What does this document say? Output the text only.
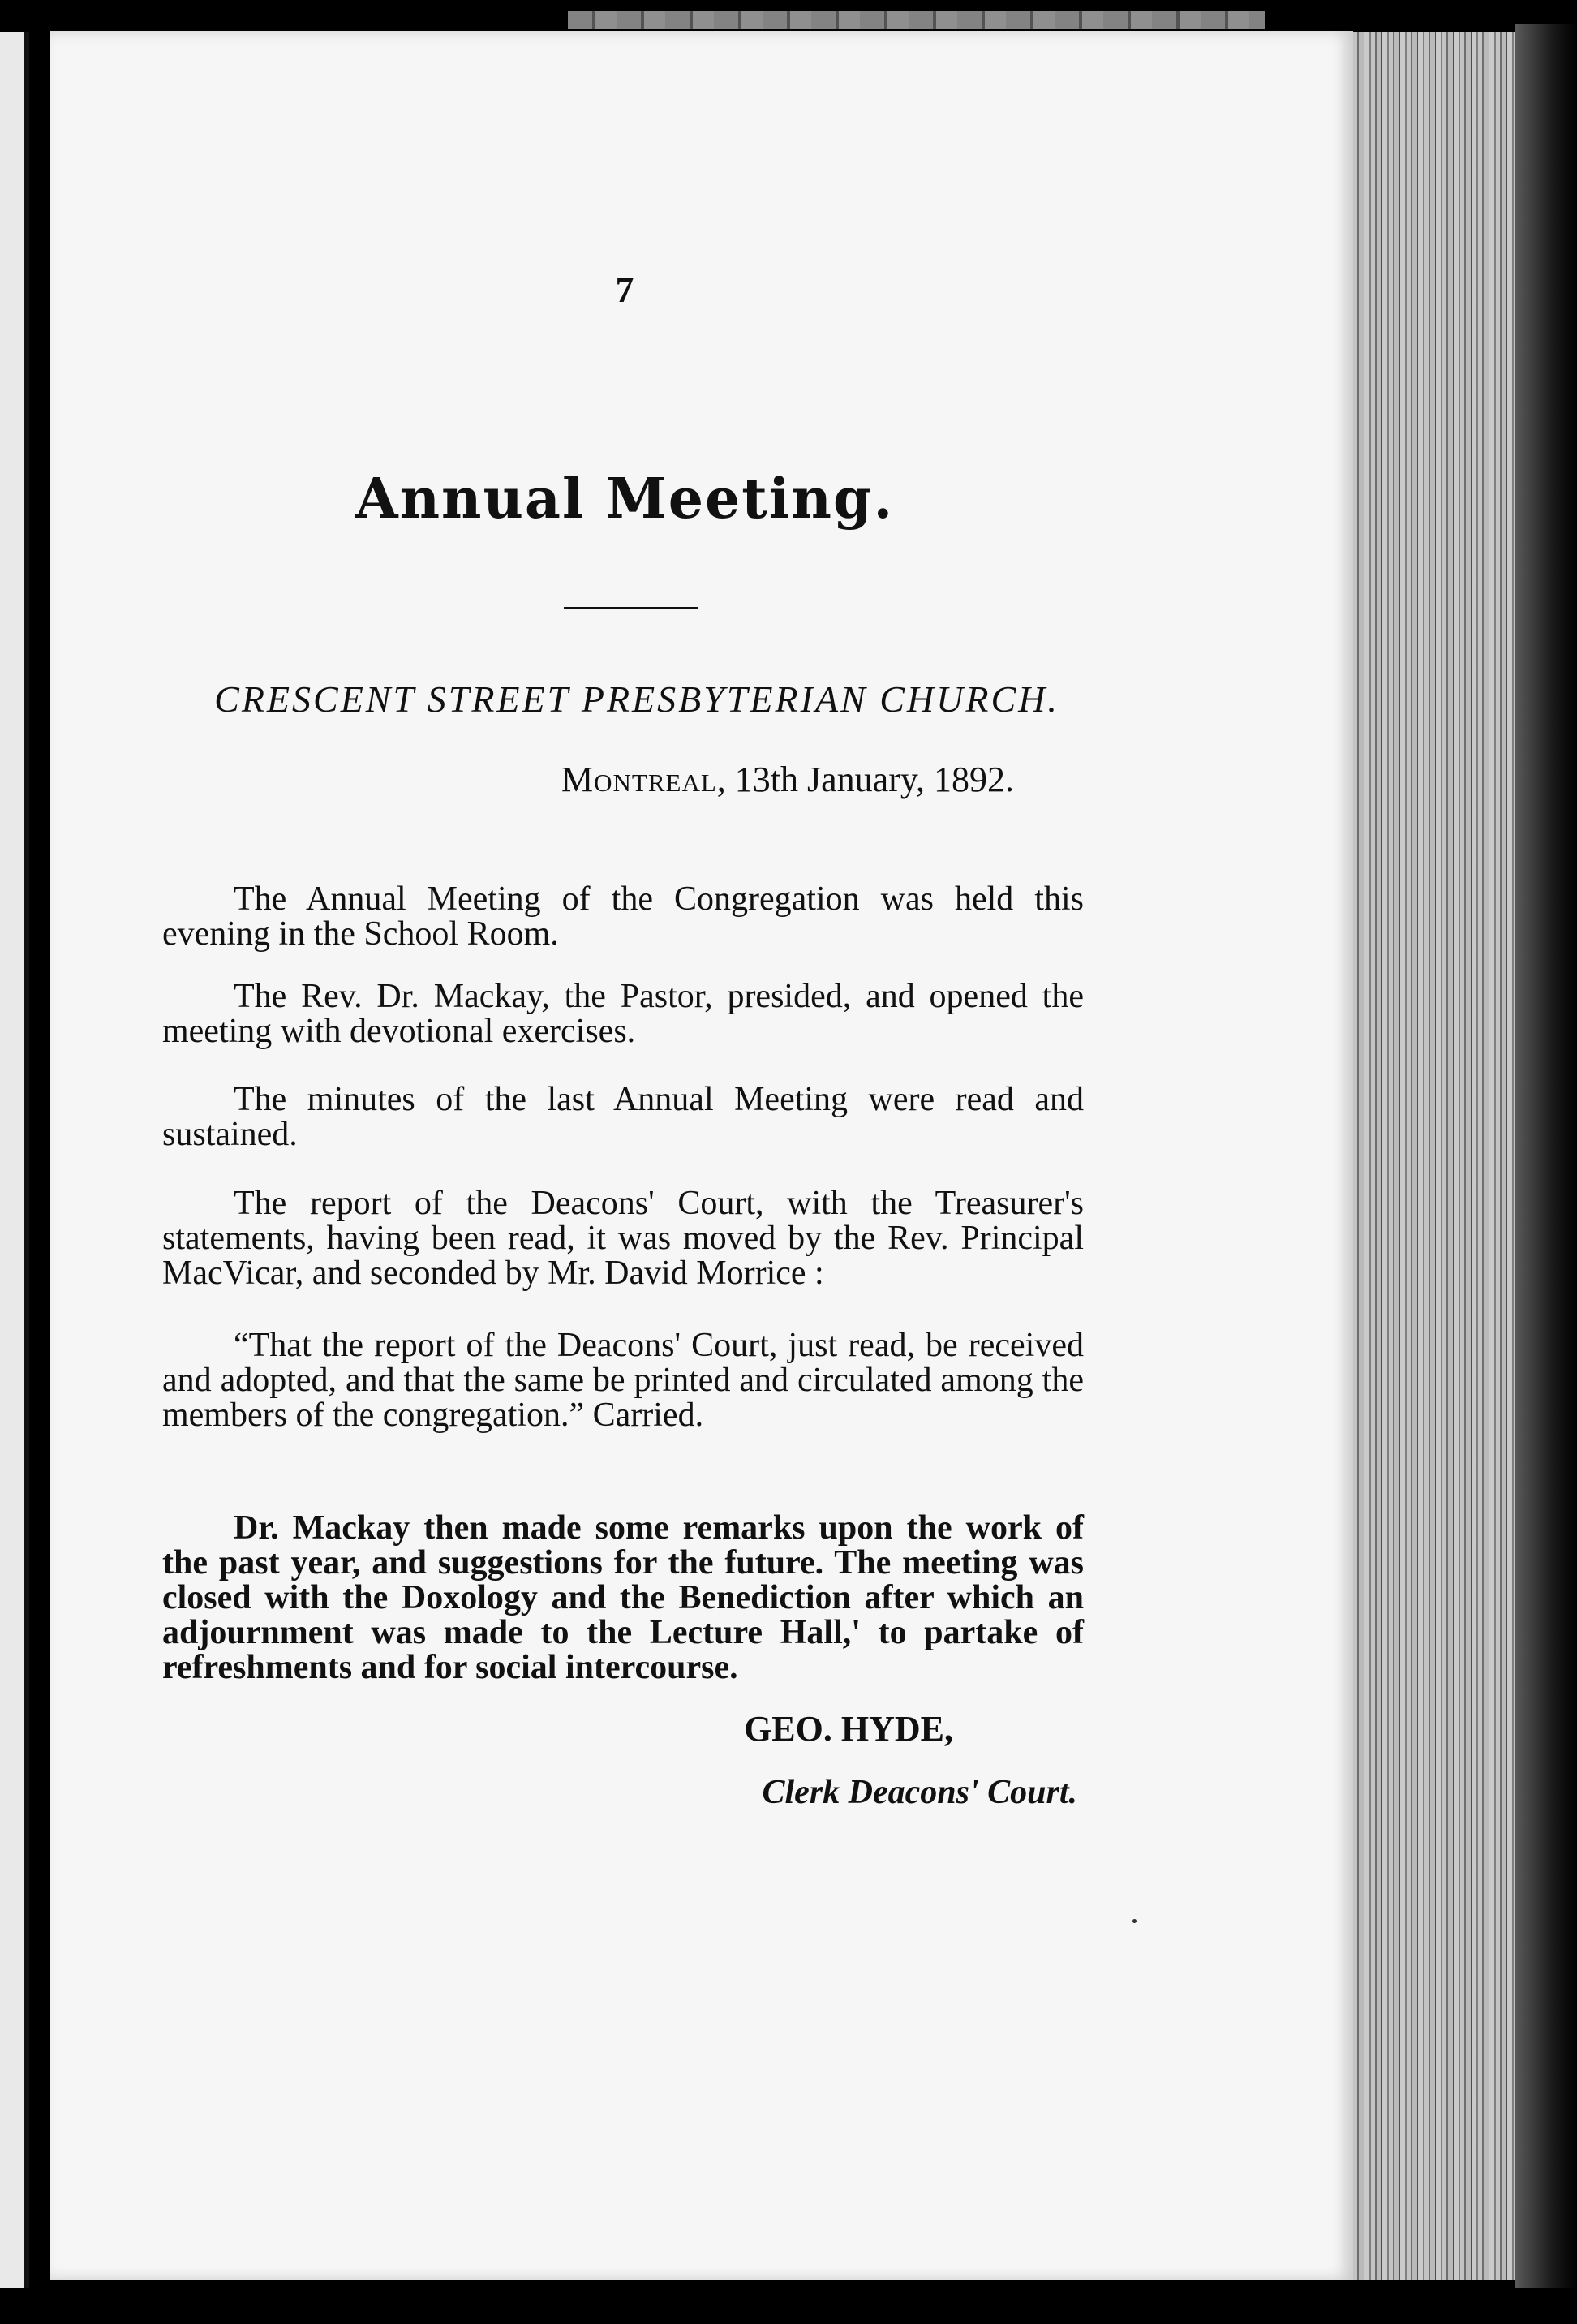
7
Annual Meeting.
CRESCENT STREET PRESBYTERIAN CHURCH.
Montreal, 13th January, 1892.

The Annual Meeting of the Congregation was held this evening in the School Room.

The Rev. Dr. Mackay, the Pastor, presided, and opened the meeting with devotional exercises.

The minutes of the last Annual Meeting were read and sustained.

The report of the Deacons' Court, with the Treasurer's statements, having been read, it was moved by the Rev. Principal MacVicar, and seconded by Mr. David Morrice :

“That the report of the Deacons' Court, just read, be received and adopted, and that the same be printed and circulated among the members of the congregation.” Carried.

Dr. Mackay then made some remarks upon the work of the past year, and suggestions for the future. The meeting was closed with the Doxology and the Benediction after which an adjournment was made to the Lecture Hall,' to partake of refreshments and for social intercourse.

GEO. HYDE,
Clerk Deacons' Court.
